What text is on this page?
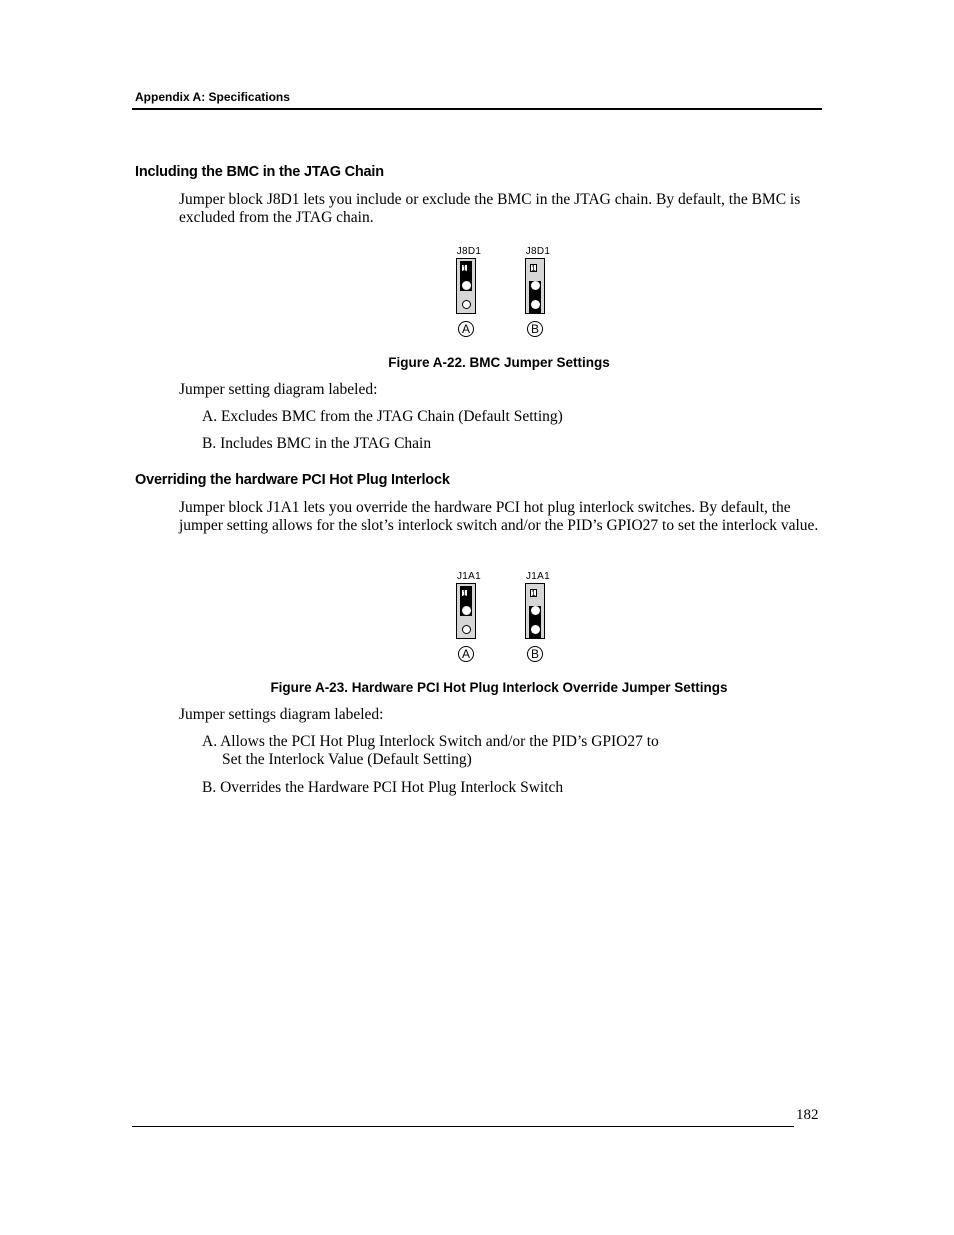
Appendix A: Specifications
Including the BMC in the JTAG Chain
Jumper block J8D1 lets you include or exclude the BMC in the JTAG chain. By default, the BMC is excluded from the JTAG chain.
J8D1
1
A
J8D1
1
B
Figure A-22. BMC Jumper Settings
Jumper setting diagram labeled:
A. Excludes BMC from the JTAG Chain (Default Setting)
B. Includes BMC in the JTAG Chain
Overriding the hardware PCI Hot Plug Interlock
Jumper block J1A1 lets you override the hardware PCI hot plug interlock switches. By default, the jumper setting allows for the slot’s interlock switch and/or the PID’s GPIO27 to set the interlock value.
J1A1
1
A
J1A1
1
B
Figure A-23. Hardware PCI Hot Plug Interlock Override Jumper Settings
Jumper settings diagram labeled:
A. Allows the PCI Hot Plug Interlock Switch and/or the PID’s GPIO27 to
Set the Interlock Value (Default Setting)
B. Overrides the Hardware PCI Hot Plug Interlock Switch
182
